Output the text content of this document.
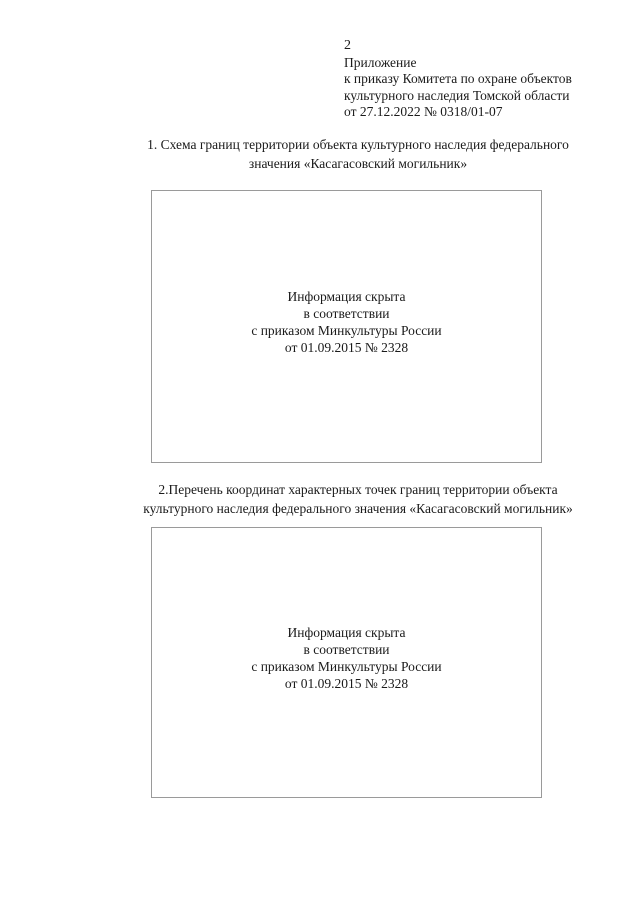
2
Приложение
к приказу Комитета по охране объектов
культурного наследия Томской области
от 27.12.2022 № 0318/01-07
1. Схема границ территории объекта культурного наследия федерального
значения «Касагасовский могильник»
Информация скрыта
в соответствии
с приказом Минкультуры России
от 01.09.2015 № 2328
2.Перечень координат характерных точек границ территории объекта
культурного наследия федерального значения «Касагасовский могильник»
Информация скрыта
в соответствии
с приказом Минкультуры России
от 01.09.2015 № 2328
